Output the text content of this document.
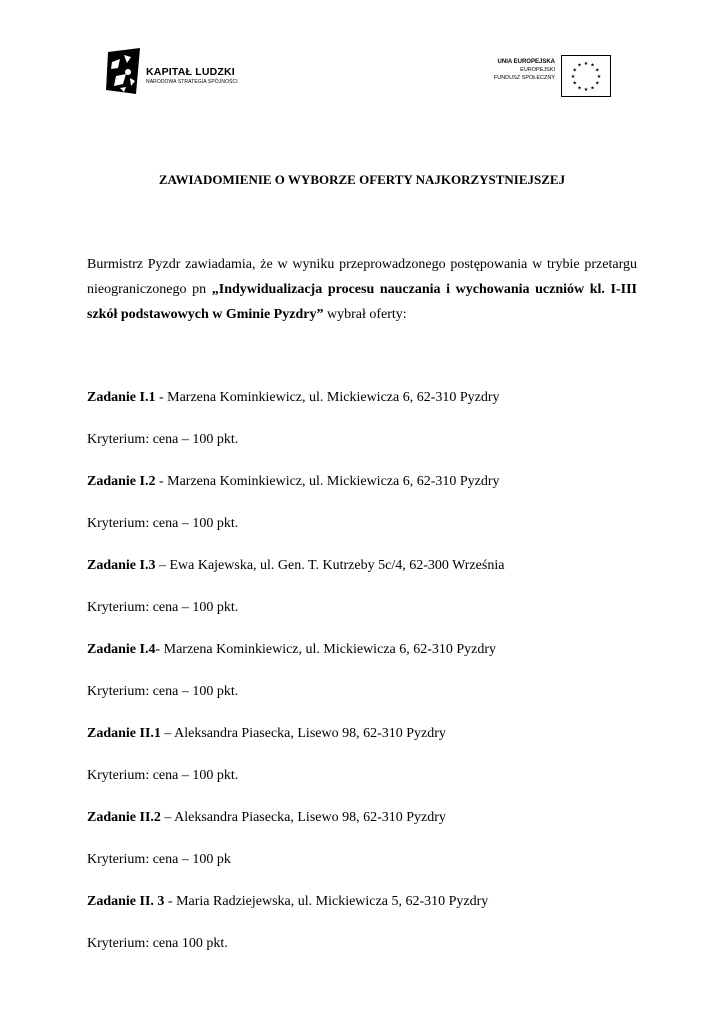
KAPITAŁ LUDZKI
NARODOWA STRATEGIA SPÓJNOŚCI
UNIA EUROPEJSKA
EUROPEJSKI
FUNDUSZ SPOŁECZNY	★
★
★
★
★
★
★
★
★ ★ ★
★
ZAWIADOMIENIE O WYBORZE OFERTY NAJKORZYSTNIEJSZEJ
Burmistrz Pyzdr zawiadamia, że w wyniku przeprowadzonego postępowania w trybie przetargu nieograniczonego pn „Indywidualizacja procesu nauczania i wychowania uczniów kl. I-III szkół podstawowych w Gminie Pyzdry” wybrał oferty:
Zadanie I.1 - Marzena Kominkiewicz, ul. Mickiewicza 6, 62-310 Pyzdry
Kryterium: cena – 100 pkt.
Zadanie I.2 - Marzena Kominkiewicz, ul. Mickiewicza 6, 62-310 Pyzdry
Kryterium: cena – 100 pkt.
Zadanie I.3 – Ewa Kajewska, ul. Gen. T. Kutrzeby 5c/4, 62-300 Września
Kryterium: cena – 100 pkt.
Zadanie I.4- Marzena Kominkiewicz, ul. Mickiewicza 6, 62-310 Pyzdry
Kryterium: cena – 100 pkt.
Zadanie II.1 – Aleksandra Piasecka, Lisewo 98, 62-310 Pyzdry
Kryterium: cena – 100 pkt.
Zadanie II.2 – Aleksandra Piasecka, Lisewo 98, 62-310 Pyzdry
Kryterium: cena – 100 pk
Zadanie II. 3 - Maria Radziejewska, ul. Mickiewicza 5, 62-310 Pyzdry
Kryterium: cena 100 pkt.
